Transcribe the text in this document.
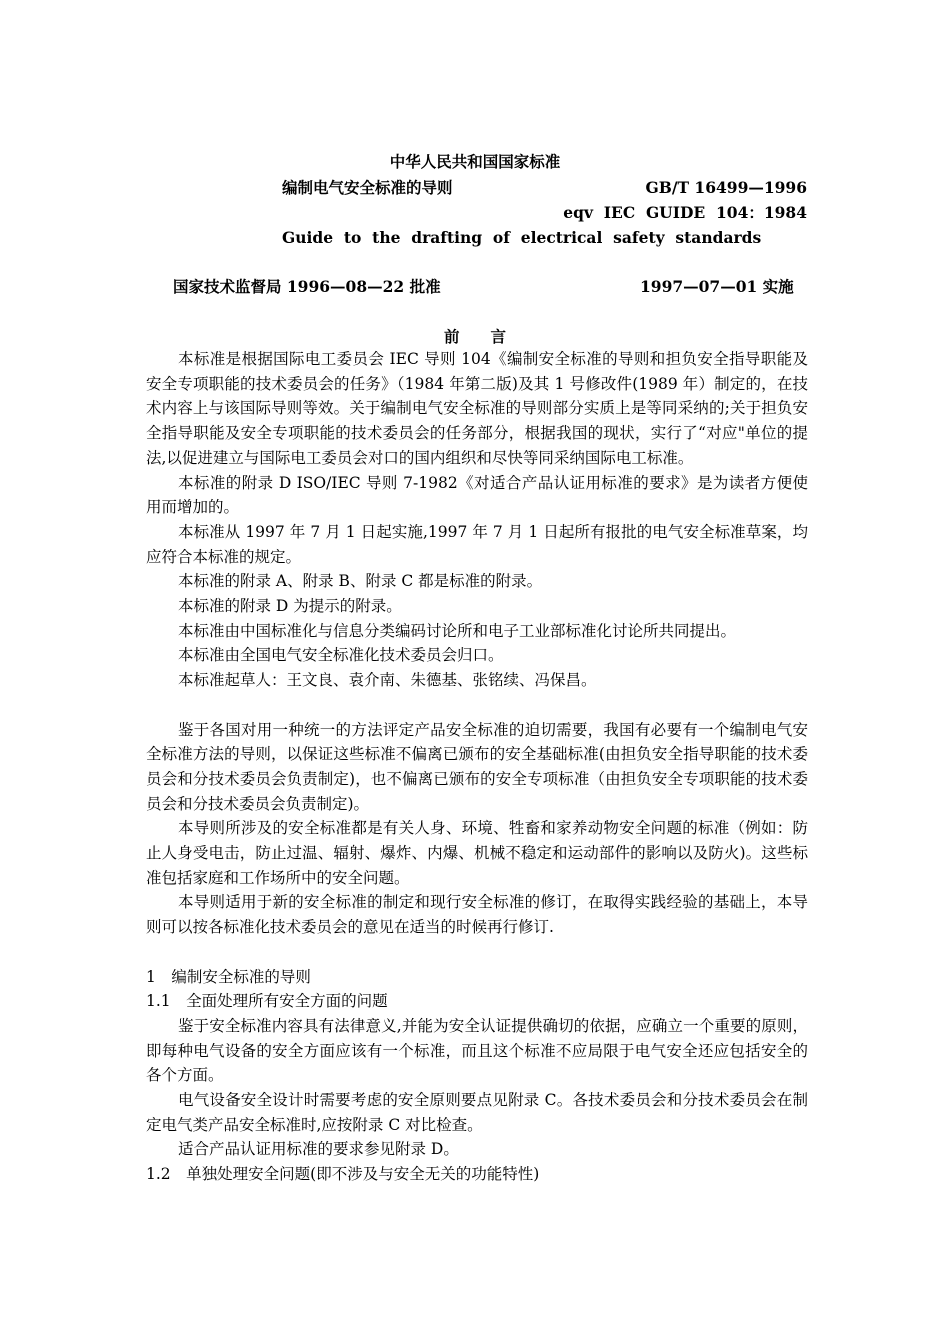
中华人民共和国国家标准
编制电气安全标准的导则	GB/T 16499—1996
eqv  IEC  GUIDE  104：1984
Guide  to  the  drafting  of  electrical  safety  standards
国家技术监督局 1996—08—22 批准	1997—07—01 实施
前　　言

本标准是根据国际电工委员会 IEC 导则 104《编制安全标准的导则和担负安全指导职能及安全专项职能的技术委员会的任务》（1984 年第二版)及其 1 号修改件(1989 年）制定的，在技术内容上与该国际导则等效。关于编制电气安全标准的导则部分实质上是等同采纳的;关于担负安全指导职能及安全专项职能的技术委员会的任务部分，根据我国的现状，实行了“对应"单位的提法,以促进建立与国际电工委员会对口的国内组织和尽快等同采纳国际电工标准。

本标准的附录 D ISO/IEC 导则 7-1982《对适合产品认证用标准的要求》是为读者方便使用而增加的。

本标准从 1997 年 7 月 1 日起实施,1997 年 7 月 1 日起所有报批的电气安全标准草案，均应符合本标准的规定。

本标准的附录 A、附录 B、附录 C 都是标准的附录。

本标准的附录 D 为提示的附录。

本标准由中国标准化与信息分类编码讨论所和电子工业部标准化讨论所共同提出。

本标准由全国电气安全标准化技术委员会归口。

本标准起草人：王文良、袁介南、朱德基、张铭续、冯保昌。

鉴于各国对用一种统一的方法评定产品安全标准的迫切需要，我国有必要有一个编制电气安全标准方法的导则，以保证这些标准不偏离已颁布的安全基础标准(由担负安全指导职能的技术委员会和分技术委员会负责制定)，也不偏离已颁布的安全专项标准（由担负安全专项职能的技术委员会和分技术委员会负责制定)。

本导则所涉及的安全标准都是有关人身、环境、牲畜和家养动物安全问题的标准（例如：防止人身受电击，防止过温、辐射、爆炸、内爆、机械不稳定和运动部件的影响以及防火)。这些标准包括家庭和工作场所中的安全问题。

本导则适用于新的安全标准的制定和现行安全标准的修订，在取得实践经验的基础上，本导则可以按各标准化技术委员会的意见在适当的时候再行修订.

1　编制安全标准的导则

1.1　全面处理所有安全方面的问题

鉴于安全标准内容具有法律意义,并能为安全认证提供确切的依据，应确立一个重要的原则，即每种电气设备的安全方面应该有一个标准，而且这个标准不应局限于电气安全还应包括安全的各个方面。

电气设备安全设计时需要考虑的安全原则要点见附录 C。各技术委员会和分技术委员会在制定电气类产品安全标准时,应按附录 C 对比检查。

适合产品认证用标准的要求参见附录 D。

1.2　单独处理安全问题(即不涉及与安全无关的功能特性)
